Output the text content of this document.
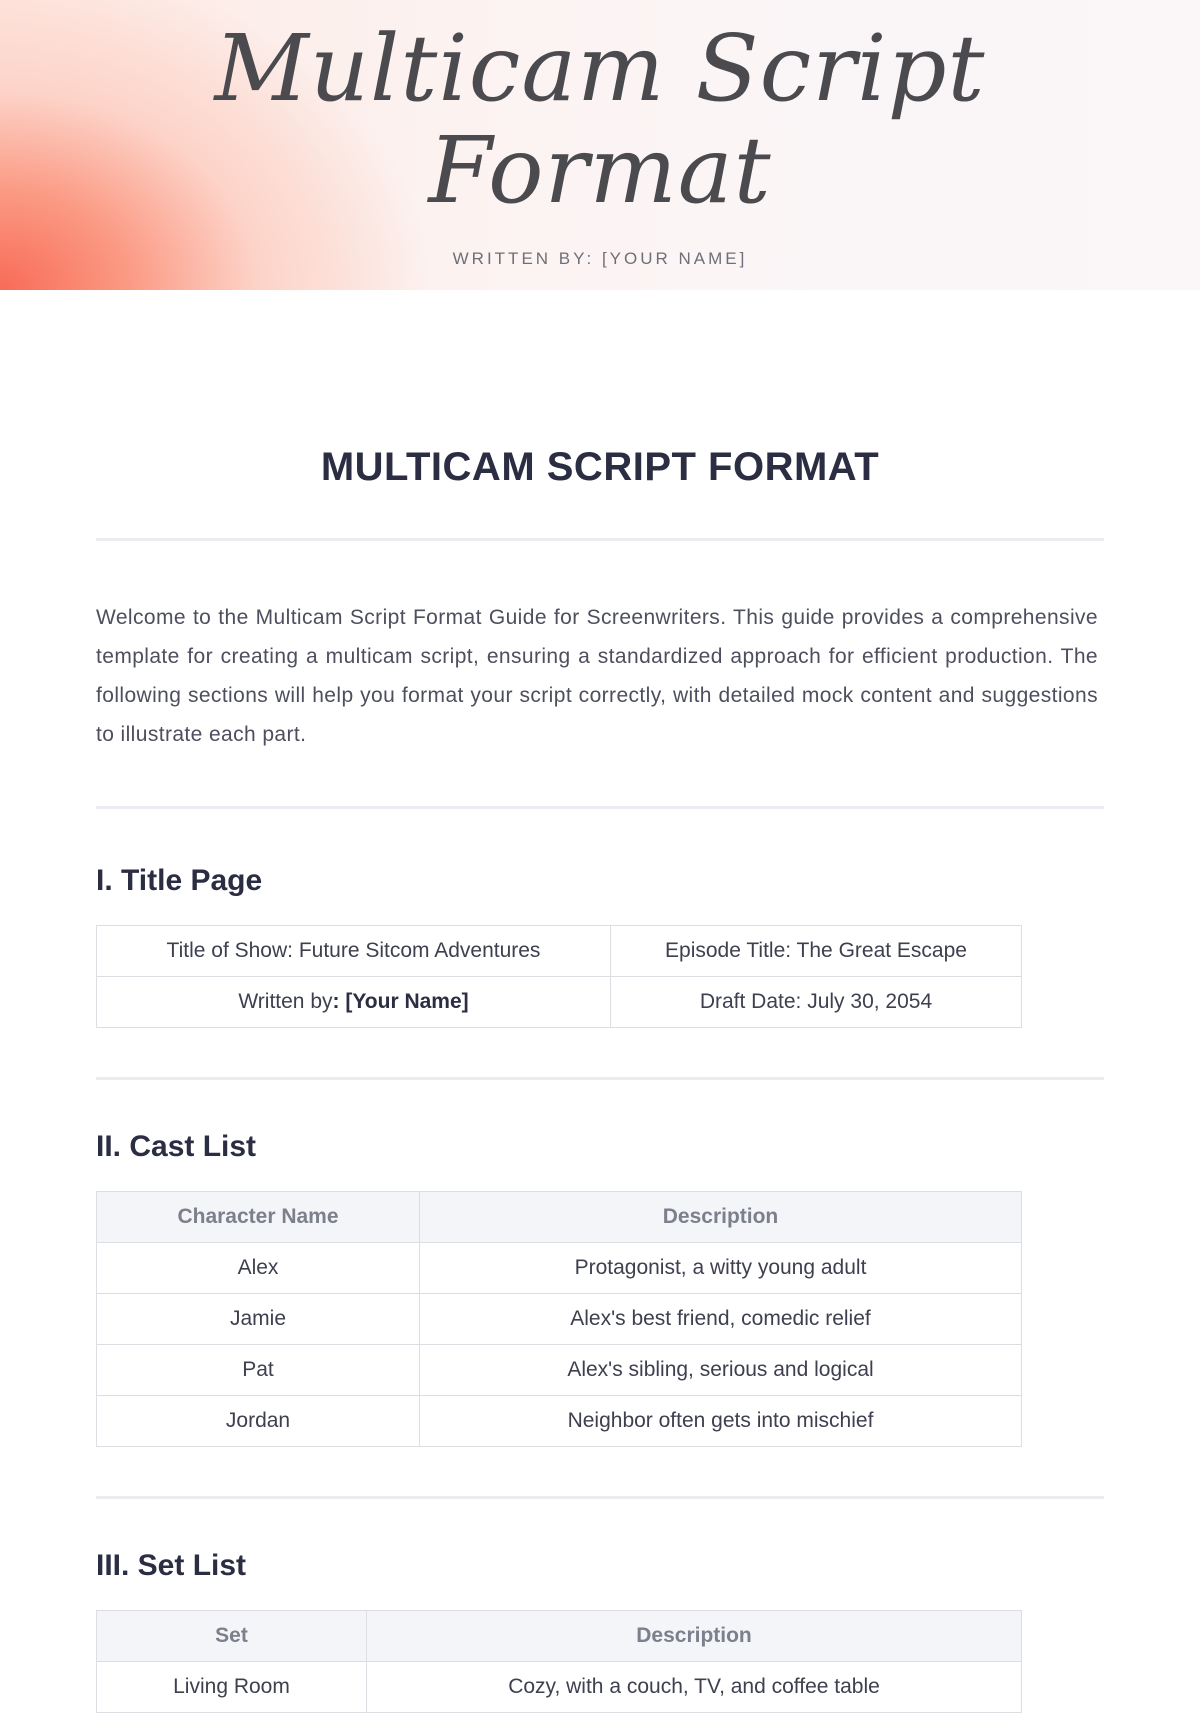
Multicam Script
Format
WRITTEN BY: [YOUR NAME]
MULTICAM SCRIPT FORMAT

Welcome to the Multicam Script Format Guide for Screenwriters. This guide provides a comprehensive template for creating a multicam script, ensuring a standardized approach for efficient production. The following sections will help you format your script correctly, with detailed mock content and suggestions to illustrate each part.

I. Title Page
Title of Show: Future Sitcom Adventures	Episode Title: The Great Escape
Written by: [Your Name]	Draft Date: July 30, 2054
II. Cast List
Character Name	Description
Alex	Protagonist, a witty young adult
Jamie	Alex's best friend, comedic relief
Pat	Alex's sibling, serious and logical
Jordan	Neighbor often gets into mischief
III. Set List
Set	Description
Living Room	Cozy, with a couch, TV, and coffee table
